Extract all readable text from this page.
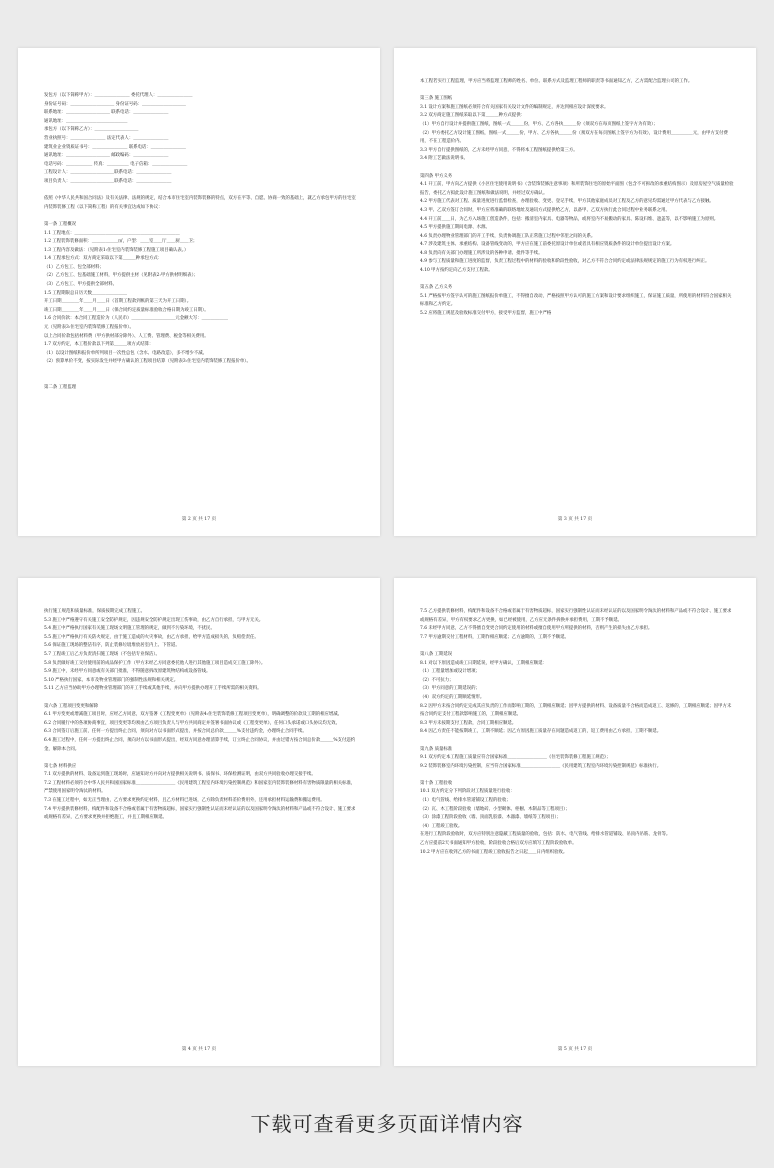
发包方（以下简称甲方）：＿＿＿＿＿＿＿＿ 委托代理人：＿＿＿＿＿＿＿＿
身份证号码：＿＿＿＿＿＿＿＿＿＿ 身份证号码：＿＿＿＿＿＿＿＿＿＿
联系地址：＿＿＿＿＿＿＿＿＿＿ 联系电话：＿＿＿＿＿＿＿＿
通讯地址：＿＿＿＿＿＿＿＿＿＿＿＿＿＿
承包方（以下简称乙方）：＿＿＿＿＿＿＿＿＿＿
营业执照号：＿＿＿＿＿＿＿＿ 法定代表人：＿＿＿＿＿＿＿＿
建筑业企业资质证书号：＿＿＿＿＿＿＿＿ 联系电话：＿＿＿＿＿＿＿＿
通讯地址：＿＿＿＿＿＿＿＿＿＿ 邮政编码：＿＿＿＿＿＿＿＿
电话号码：＿＿＿＿＿＿ 传真：＿＿＿＿＿ 电子信箱：＿＿＿＿＿＿＿＿
工程设计人：＿＿＿＿＿＿＿＿＿＿联系电话：＿＿＿＿＿＿＿＿
项目负责人：＿＿＿＿＿＿＿＿＿＿联系电话：＿＿＿＿＿＿＿＿

依照《中华人民共和国合同法》及有关法律、法规的规定，结合本市住宅室内装饰装修的特点，双方在平等、自愿、协商一致的基础上，就乙方承包甲方的住宅室内装饰装修工程（以下简称工程）的有关事宜达成如下协议：

第一条 工程概况
1.1 工程地点：＿＿＿＿＿＿＿＿＿＿＿＿＿＿＿＿＿＿＿＿＿＿＿＿
1.2 工程装饰装修面积：＿＿＿＿＿＿㎡，户型：＿＿室＿＿厅＿＿厨＿＿卫；
1.3 工程内容及做法：（见附表1:住宅室内装饰装修工程施工项目确认表。）
1.4 工程承包方式：双方商定采取以下第＿＿＿种承包方式：
（1）乙方包工、包全部材料；
（2）乙方包工、包基础施工材料，甲方提供主材（见附表2:甲方供材明细表）；
（3）乙方包工、甲方提供全部材料。
1.5 工程期限总日历天数＿＿＿＿＿＿＿＿
开工日期＿＿＿＿年＿＿月＿＿日（首期工程款到帐的第三天为开工日期）。
竣工日期＿＿＿＿年＿＿月＿＿日（保合同约定质量标准验收合格日期为竣工日期）。
1.6 合同价款：本合同工程造价为（人民币）＿＿＿＿＿＿＿＿＿＿元金额大写：＿＿＿＿＿＿
元（见附表3:住宅室内装饰装修工程报价单）。
以上合同价款包括材料费（甲方供材部分除外）、人工费、管理费、税金等相关费用。
1.7 双方约定，本工程价款以下列第＿＿＿项方式结算：
（1）以设计图纸和报价单所列项目一次性总包（含水、电路改造），多不增少不减。
（2）预算单价不变，按实际发生并经甲方确认的工程项目结算（见附表3:住宅室内装饰装修工程报价单）。

第二条 工程监理
第 2 页 共 17 页
本工程若实行工程监理，甲方应当将监理工程师的姓名、单位、联系方式及监理工程师的职责等书面通知乙方，乙方需配合监理公司的工作。

第三条 施工图纸
3.1 设计方案和施工图纸必须符合有关国家有关设计文件的编制规定，并达到相应设计深度要求。
3.2 双方商定施工图纸采取以下第＿＿＿种方式提供：
（1）甲方自行设计并提供施工图纸，图纸一式＿＿＿份，甲方、乙方各执＿＿＿份（须双方在每页图纸上签字方为有效）；
（2）甲方委托乙方设计施工图纸，图纸一式＿＿＿份，甲方、乙方各执＿＿＿份（须双方在每页图纸上签字方为有效），设计费用＿＿＿＿＿元，由甲方支付费用，不在工程造价内。
3.3 甲方自行提供图纸的，乙方未经甲方同意，不得将本工程图纸提供给第三方。
3.4 附工艺做法说明书。

第四条 甲方义务
4.1 开工前，甲方向乙方提供《小区住宅使用说明书》（含装饰装修注意事项）和所装饰住宅的原始平面图（包含不可拆改的承重结构图示）及原房屋空气质量检验报告，委托乙方拟此设计施工图纸和做法说明，并经过双方确认。
4.2 甲方施工代表对工程、质量进度进行监督检查，办理验收、变更、登记手续，甲方其他家庭成员对工程及乙方的意见均需通过甲方代表与乙方接触。
4.3 甲、乙双方签订合同时，甲方应将准确的联络地址及通讯方式提供给乙方，以备甲、乙双方执行此合同过程中业务联系之用。
4.4 开工前＿＿日，为乙方入场施工创造条件，包括：搬清室内家具、电器等物品，或将室内不易搬动的家具、陈设归堆、遮盖等，以不影响施工为原则。
4.5 甲方提供施工期间电源、水源。
4.6 负责办理物业管理部门的开工手续，负责协调施工队正常施工过程中邻里之间的关系。
4.7 涉及建筑主体、承重结构、设备管线变动的，甲方应在施工前委托原设计单位或者具有相应资质条件的设计单位提出设计方案。
4.8 负责向有关部门办理施工所涉及的各种申请、批件等手续。
4.9 参与工程质量和施工进度的监督，负责工程过程中的材料的验收和阶段性验收，对乙方不符合合同约定或法律法规规定的施工行为有权进行纠正。
4.10 甲方按约定向乙方支付工程款。

第五条 乙方义务
5.1 严格按甲方签字认可的施工图纸报价单施工，不得擅自改动，严格按照甲方认可的施工方案和设计要求组织施工，保证施工质量，所使用的材料符合国家相关标准和乙方约定。
5.2 应将施工规范及验收标准交付甲方，接受甲方监督，施工中严格
第 3 页 共 17 页
执行施工规范和质量标准，保质按期完成工程施工。
5.3 施工中严格遵守有关施工安全防护规定，因违规安全防护规定出现工伤事故，由乙方自行承担，与甲方无关。
5.4 施工中严格执行国家有关施工现场文明施工管理的规定，做到不污染环境，不扰民。
5.5 施工中严格执行有关防火规定，由于施工造成的火灾事故，由乙方承担，给甲方造成损失的，负赔偿责任。
5.6 保证施工现场的整洁有序，防止装修垃圾堆放居室内上、下管道。
5.7 工程竣工后乙方负责清扫施工现场（不包括专业保洁）。
5.8 负责做好竣工交付使用前的成品保护工作（甲方未经乙方同意委托他人进行其他施工项目造成交工施工除外）。
5.9 施工中，未经甲方同意或有关部门批准，不得随意拆改原建筑物结构或设备管线。
5.10 严格执行国家、本市及物业管理部门的强制性法规和相关规定。
5.11 乙方应当协助甲方办理物业管理部门的开工手续或其他手续，并向甲方提供办理开工手续所需的相关资料。

第六条 工程项目变更和解除
6.1 甲方变更或增减施工项目时，应经乙方同意，双方签署《工程变更单》（见附表4:住宅装饰装修工程项目变更单），明确调整的价款及工期的相应增减。
6.2 合同履行中的各项协商事宜，项目变更等均须由乙方项目负责人与甲方共同商定并签署书面协议或《工程变更单》，任何口头承诺或口头协议均无效。
6.3 合同签订后施工前，任何一方提出终止合同，须向对方以书面形式提出，并按合同总价款＿＿＿%支付违约金，办理终止合同手续。
6.4 施工过程中，任何一方提出终止合同，须向对方以书面形式提出，经双方同意办理清算手续，订立终止合同协议，并由过错方按合同总价款＿＿＿%支付违约金，解除本合同。

第七条 材料供应
7.1 双方提供的材料、设备运到施工现场时，应通知对方并向对方提供相关说明书、质保书、环保检测证明，由双方共同验收办理交接手续。
7.2 工程材料必须符合中华人民共和国国家标准＿＿＿＿＿＿＿＿＿《民用建筑工程室内环境污染控制规范》和国家室内装饰装修材料有害物质限量的相关标准，严禁使用国家明令淘汰的材料。
7.3 在施工过程中，如无正当理由，乙方要求更换约定材料，且乙方材料已进场，乙方除负责材料差价费用外，还用承担材料运输费和搬运费用。
7.4 甲方提供装修材料，构配件和设备不合格或者属于有害物质超标，国家实行强制性认证而未经认证的以及国家明令淘汰的材料和产品或不符合设计、施工要求或规格有差异，乙方要求更换并拒绝施工，并且工期相应顺延。
第 4 页 共 17 页
7.5 乙方提供装修材料，构配件和设备不合格或者属于有害物质超标，国家实行强制性认证而未经认证的以及国家明令淘汰的材料和产品或不符合设计、施工要求或规格有差异，甲方有权要求乙方更换，如已经被使用，乙方应无条件拆换并承担费用，工期不予顺延。
7.6 未经甲方同意，乙方不得擅自变更合同约定使用的材料或擅自使用甲方所提供的材料，否则产生的损失由乙方承担。
7.7 甲方逾期交付工程材料，工期作相应顺延；乙方逾期的，工期不予顺延。

第八条 工期延误
8.1 对以下原因造成竣工日期延误，经甲方确认，工期相应顺延：
（1）工程量增加或设计增项；
（2）不可抗力；
（3）甲方同意的工期延误的；
（4）双方约定的工期顺延情形。
8.2 因甲方未按合同约定完成其应负责的工作而影响工期的，工期相应顺延；因甲方提供的材料、设备质量不合格而造成返工、返修的，工期相应顺延；因甲方未按合同约定支付工程款影响施工的，工期相应顺延。
8.3 甲方未按期支付工程款，合同工期相应顺延。
8.4 因乙方责任不能按期竣工，工期不顺延；因乙方原因施工质量存在问题造成返工的，返工费用由乙方承担，工期不顺延。

第九条 质量标准
9.1 双方约定本工程施工质量应符合国家标准＿＿＿＿＿＿＿＿＿《住宅装饰装修工程施工规范》；
9.2 装饰装修室内环境污染控制，应当符合国家标准＿＿＿＿＿＿＿＿＿《民用建筑工程室内环境污染控制规范》标准执行。

第十条 工程验收
10.1 双方约定分下列阶段对工程质量进行验收：
（1）电气管线、给排水管道铺设工程的验收；
（2）瓦、木工程阶段验收（墙地砖、小型砌体、柜橱、木制品等工程项目）；
（3）涂漆工程阶段验收（墙、顶面乳胶漆、木器漆、墙纸等工程项目）；
（4）工程竣工验收。
在进行工程阶段验收时，双方应特别注意隐蔽工程质量的验收，包括：防水、电气管线、给排水管道铺设、吊顶内吊筋、龙骨等。
乙方应提前2天书面通知甲方验收，阶段验收合格后双方应填写工程阶段验收单。
10.2 甲方应在收到乙方的书面工程竣工验收报告之日起＿＿日内组织验收。
第 5 页 共 17 页
下载可查看更多页面详情内容
